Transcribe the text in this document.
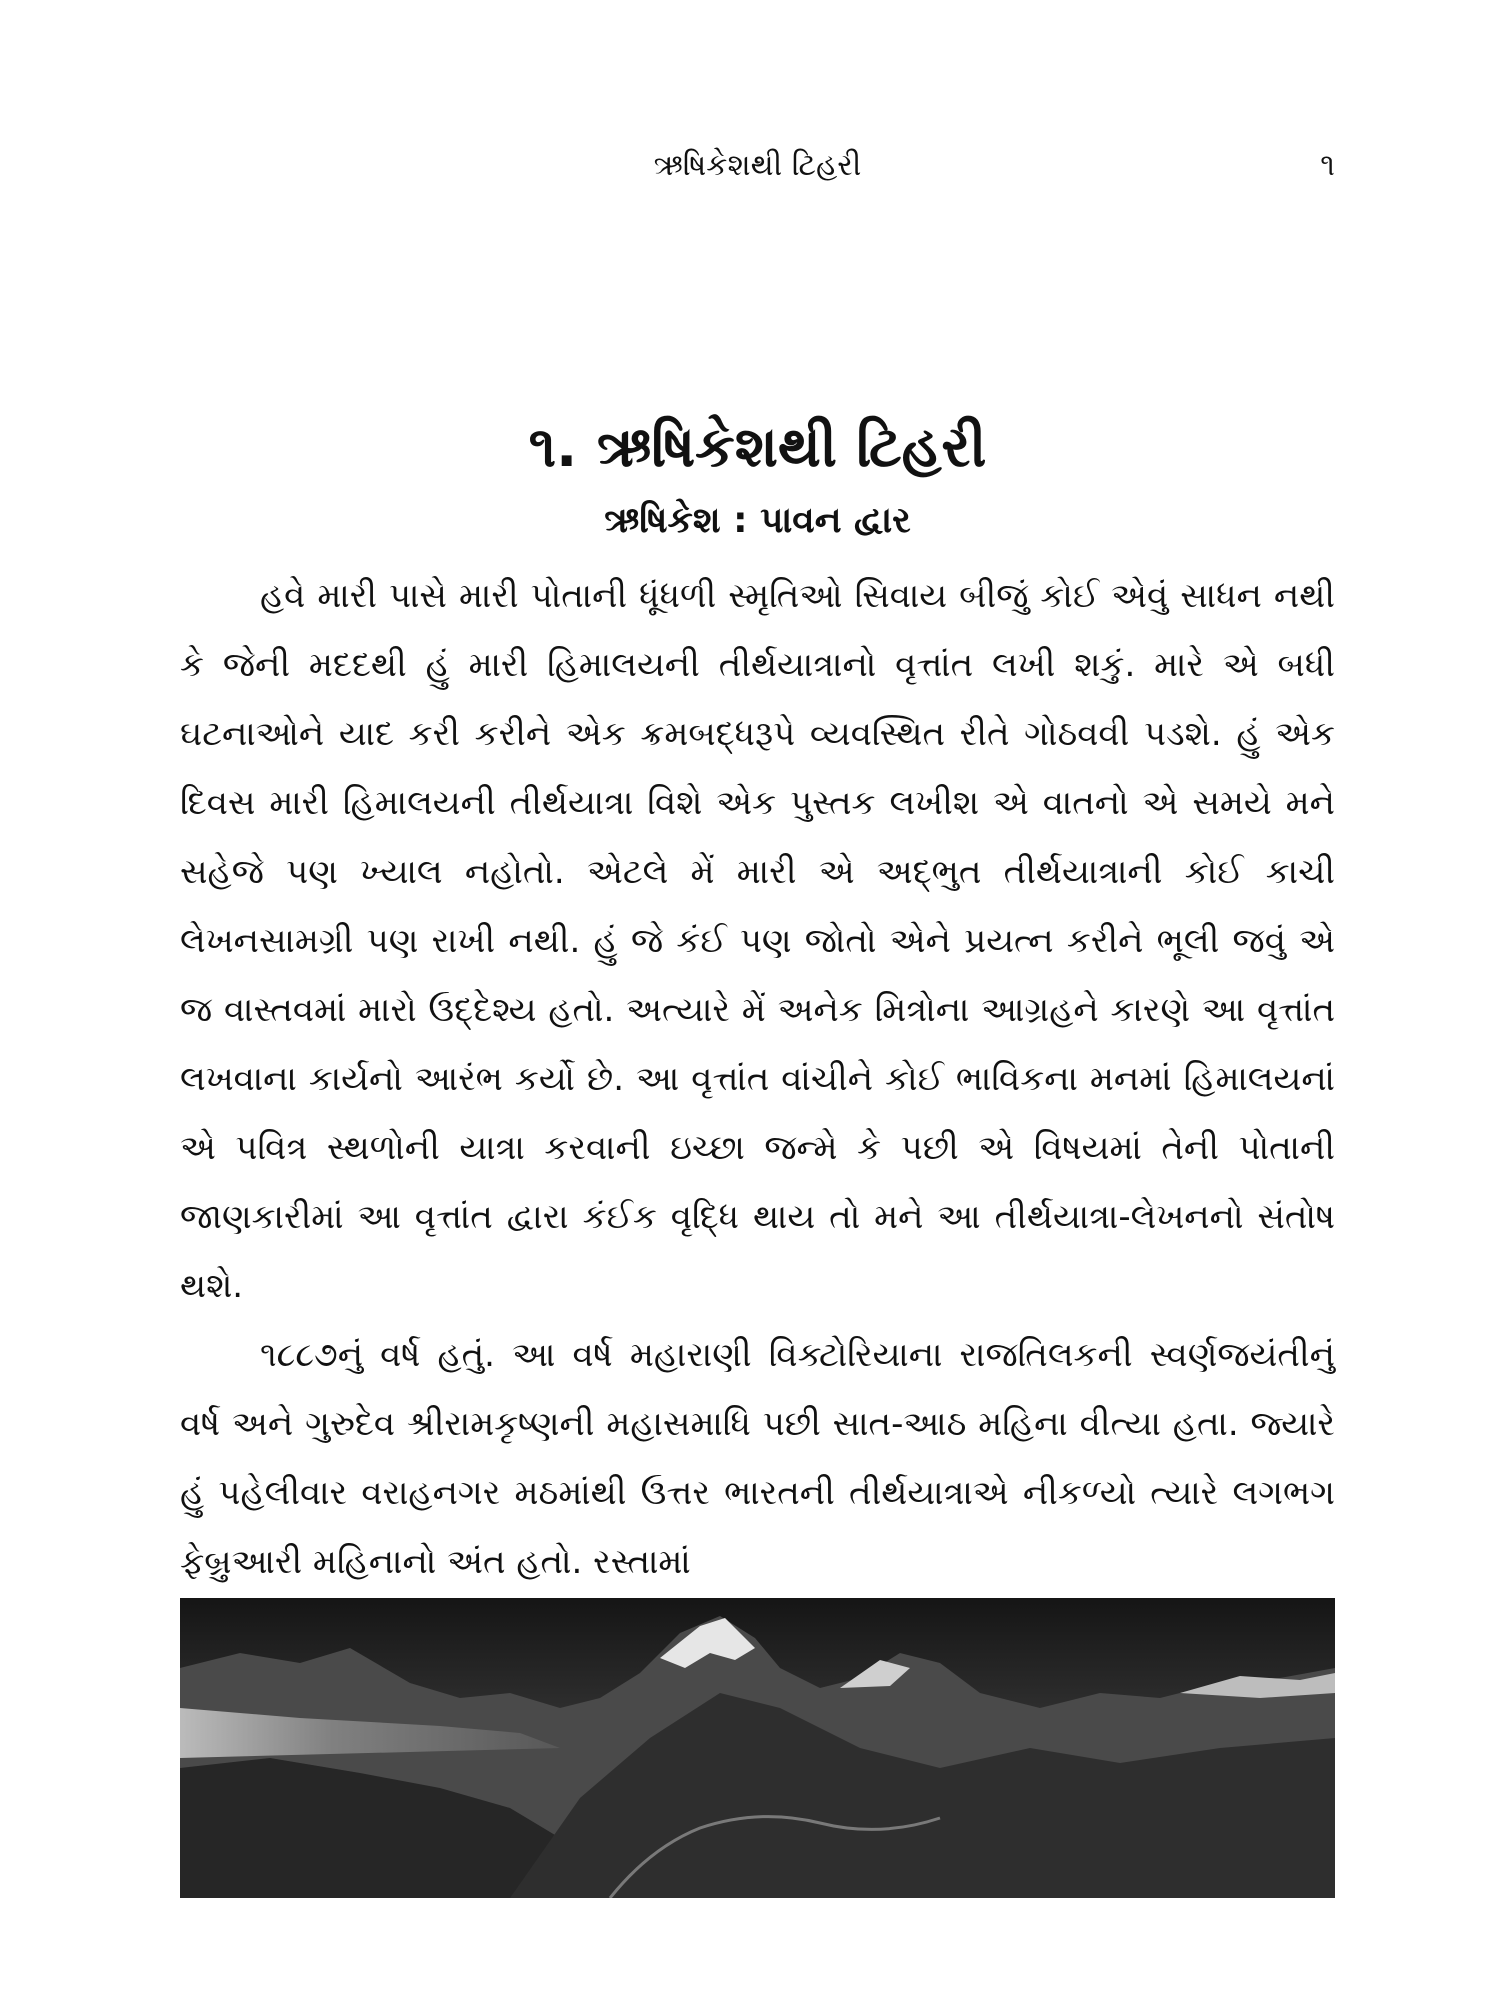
ઋષિકેશથી ટિહરી	૧
૧. ઋષિકેશથી ટિહરી
ઋષિકેશ : પાવન દ્વાર

હવે મારી પાસે મારી પોતાની ધૂંધળી સ્મૃતિઓ સિવાય બીજું કોઈ એવું સાધન નથી કે જેની મદદથી હું મારી હિમાલયની તીર્થયાત્રાનો વૃત્તાંત લખી શકું. મારે એ બધી ઘટનાઓને યાદ કરી કરીને એક ક્રમબદ્ધરૂપે વ્યવસ્થિત રીતે ગોઠવવી પડશે. હું એક દિવસ મારી હિમાલયની તીર્થયાત્રા વિશે એક પુસ્તક લખીશ એ વાતનો એ સમયે મને સહેજે પણ ખ્યાલ નહોતો. એટલે મેં મારી એ અદ્ભુત તીર્થયાત્રાની કોઈ કાચી લેખનસામગ્રી પણ રાખી નથી. હું જે કંઈ પણ જોતો એને પ્રયત્ન કરીને ભૂલી જવું એ જ વાસ્તવમાં મારો ઉદ્દેશ્ય હતો. અત્યારે મેં અનેક મિત્રોના આગ્રહને કારણે આ વૃત્તાંત લખવાના કાર્યનો આરંભ કર્યો છે. આ વૃત્તાંત વાંચીને કોઈ ભાવિકના મનમાં હિમાલયનાં એ પવિત્ર સ્થળોની યાત્રા કરવાની ઇચ્છા જન્મે કે પછી એ વિષયમાં તેની પોતાની જાણકારીમાં આ વૃત્તાંત દ્વારા કંઈક વૃદ્ધિ થાય તો મને આ તીર્થયાત્રા-લેખનનો સંતોષ થશે.

૧૮૮૭નું વર્ષ હતું. આ વર્ષ મહારાણી વિક્ટોરિયાના રાજતિલકની સ્વર્ણજયંતીનું વર્ષ અને ગુરુદેવ શ્રીરામકૃષ્ણની મહાસમાધિ પછી સાત-આઠ મહિના વીત્યા હતા. જ્યારે હું પહેલીવાર વરાહનગર મઠમાંથી ઉત્તર ભારતની તીર્થયાત્રાએ નીકળ્યો ત્યારે લગભગ ફેબ્રુઆરી મહિનાનો અંત હતો. રસ્તામાં
